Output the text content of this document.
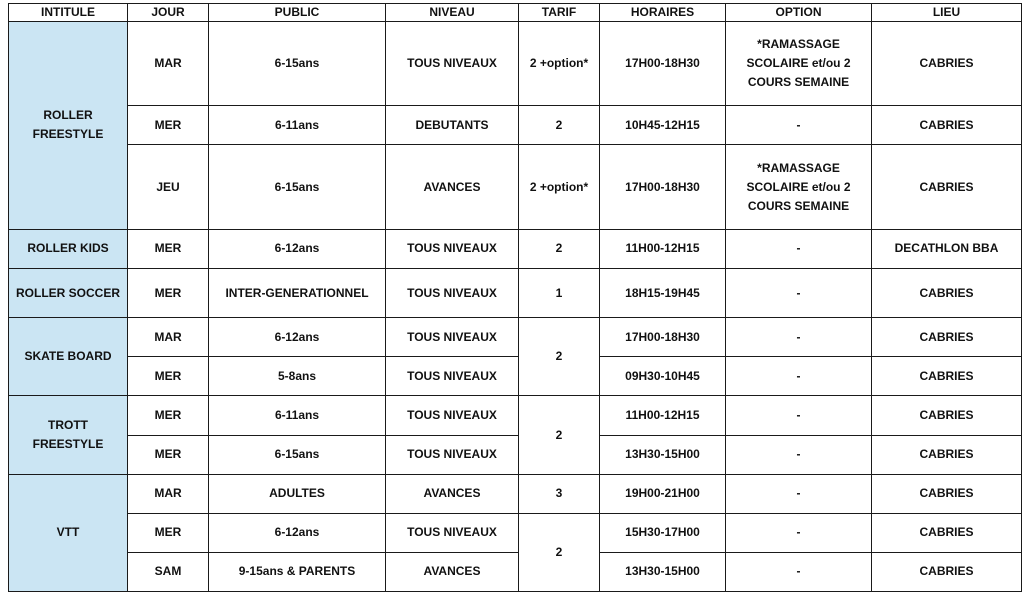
INTITULE	JOUR	PUBLIC	NIVEAU	TARIF	HORAIRES	OPTION	LIEU
ROLLER FREESTYLE	MAR	6-15ans	TOUS NIVEAUX	2 +option*	17H00-18H30	*RAMASSAGE SCOLAIRE et/ou 2 COURS SEMAINE	CABRIES
	MER	6-11ans	DEBUTANTS	2	10H45-12H15	-	CABRIES
	JEU	6-15ans	AVANCES	2 +option*	17H00-18H30	*RAMASSAGE SCOLAIRE et/ou 2 COURS SEMAINE	CABRIES
ROLLER KIDS	MER	6-12ans	TOUS NIVEAUX	2	11H00-12H15	-	DECATHLON BBA
ROLLER SOCCER	MER	INTER-GENERATIONNEL	TOUS NIVEAUX	1	18H15-19H45	-	CABRIES
SKATE BOARD	MAR	6-12ans	TOUS NIVEAUX	2	17H00-18H30	-	CABRIES
	MER	5-8ans	TOUS NIVEAUX		09H30-10H45	-	CABRIES
TROTT FREESTYLE	MER	6-11ans	TOUS NIVEAUX	2	11H00-12H15	-	CABRIES
	MER	6-15ans	TOUS NIVEAUX		13H30-15H00	-	CABRIES
VTT	MAR	ADULTES	AVANCES	3	19H00-21H00	-	CABRIES
	MER	6-12ans	TOUS NIVEAUX	2	15H30-17H00	-	CABRIES
	SAM	9-15ans & PARENTS	AVANCES		13H30-15H00	-	CABRIES
